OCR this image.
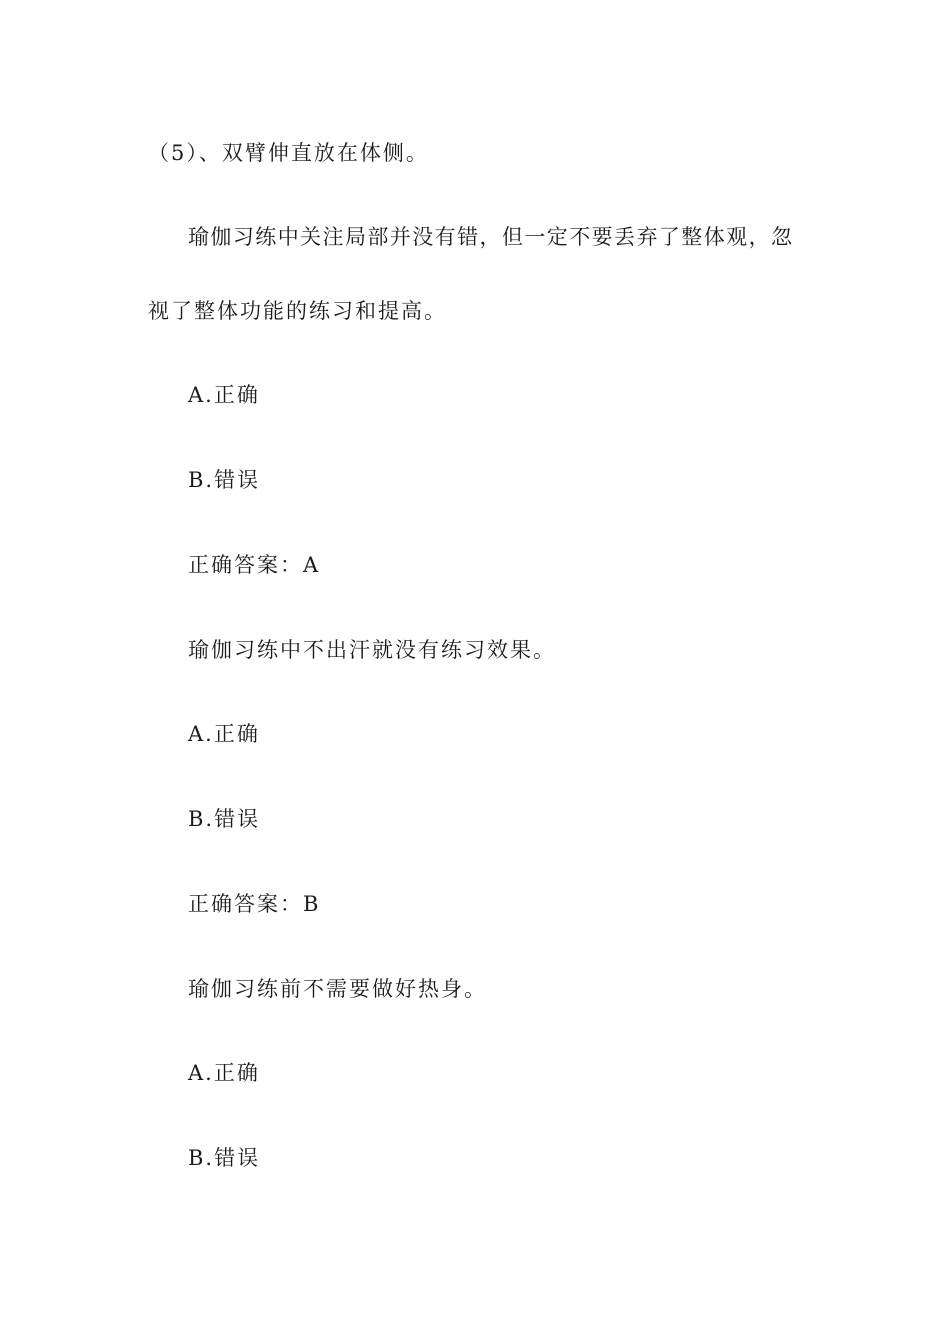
（5）、双臂伸直放在体侧。
瑜伽习练中关注局部并没有错，但一定不要丢弃了整体观，忽
视了整体功能的练习和提高。
A.正确
B.错误
正确答案：A
瑜伽习练中不出汗就没有练习效果。
A.正确
B.错误
正确答案：B
瑜伽习练前不需要做好热身。
A.正确
B.错误
